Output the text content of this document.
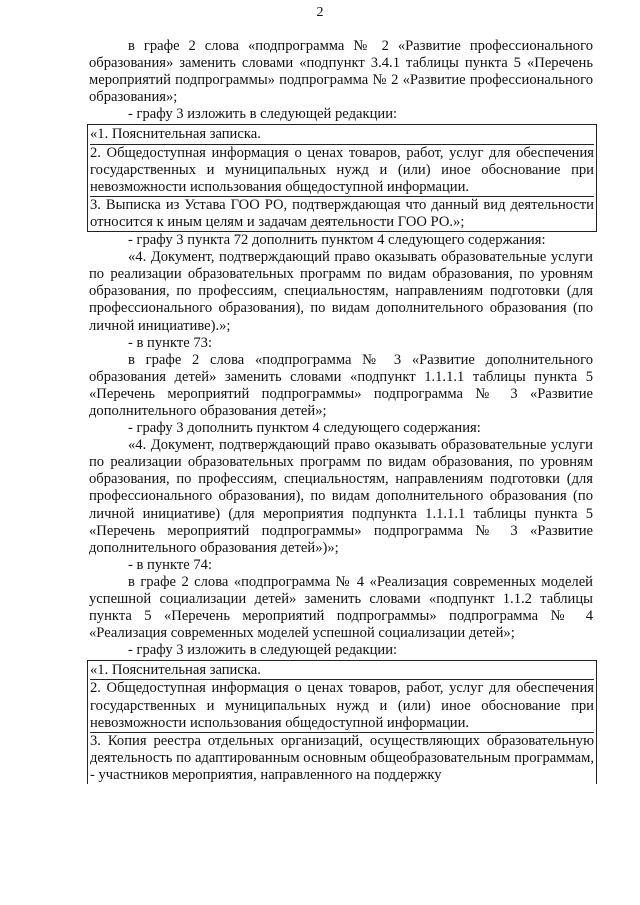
2

в графе 2 слова «подпрограмма № 2 «Развитие профессионального образования» заменить словами «подпункт 3.4.1 таблицы пункта 5 «Перечень мероприятий подпрограммы» подпрограмма № 2 «Развитие профессионального образования»;

- графу 3 изложить в следующей редакции:

«1. Пояснительная записка.

2. Общедоступная информация о ценах товаров, работ, услуг для обеспечения государственных и муниципальных нужд и (или) иное обоснование при невозможности использования общедоступной информации.

3. Выписка из Устава ГОО РО, подтверждающая что данный вид деятельности относится к иным целям и задачам деятельности ГОО РО.»;

- графу 3 пункта 72 дополнить пунктом 4 следующего содержания:

«4. Документ, подтверждающий право оказывать образовательные услуги по реализации образовательных программ по видам образования, по уровням образования, по профессиям, специальностям, направлениям подготовки (для профессионального образования), по видам дополнительного образования (по личной инициативе).»;

- в пункте 73:

в графе 2 слова «подпрограмма № 3 «Развитие дополнительного образования детей» заменить словами «подпункт 1.1.1.1 таблицы пункта 5 «Перечень мероприятий подпрограммы» подпрограмма № 3 «Развитие дополнительного образования детей»;

- графу 3 дополнить пунктом 4 следующего содержания:

«4. Документ, подтверждающий право оказывать образовательные услуги по реализации образовательных программ по видам образования, по уровням образования, по профессиям, специальностям, направлениям подготовки (для профессионального образования), по видам дополнительного образования (по личной инициативе) (для мероприятия подпункта 1.1.1.1 таблицы пункта 5 «Перечень мероприятий подпрограммы» подпрограмма № 3 «Развитие дополнительного образования детей»)»;

- в пункте 74:

в графе 2 слова «подпрограмма № 4 «Реализация современных моделей успешной социализации детей» заменить словами «подпункт 1.1.2 таблицы пункта 5 «Перечень мероприятий подпрограммы» подпрограмма № 4 «Реализация современных моделей успешной социализации детей»;

- графу 3 изложить в следующей редакции:

«1. Пояснительная записка.

2. Общедоступная информация о ценах товаров, работ, услуг для обеспечения государственных и муниципальных нужд и (или) иное обоснование при невозможности использования общедоступной информации.

3. Копия реестра отдельных организаций, осуществляющих образовательную деятельность по адаптированным основным общеобразовательным программам, - участников мероприятия, направленного на поддержку
